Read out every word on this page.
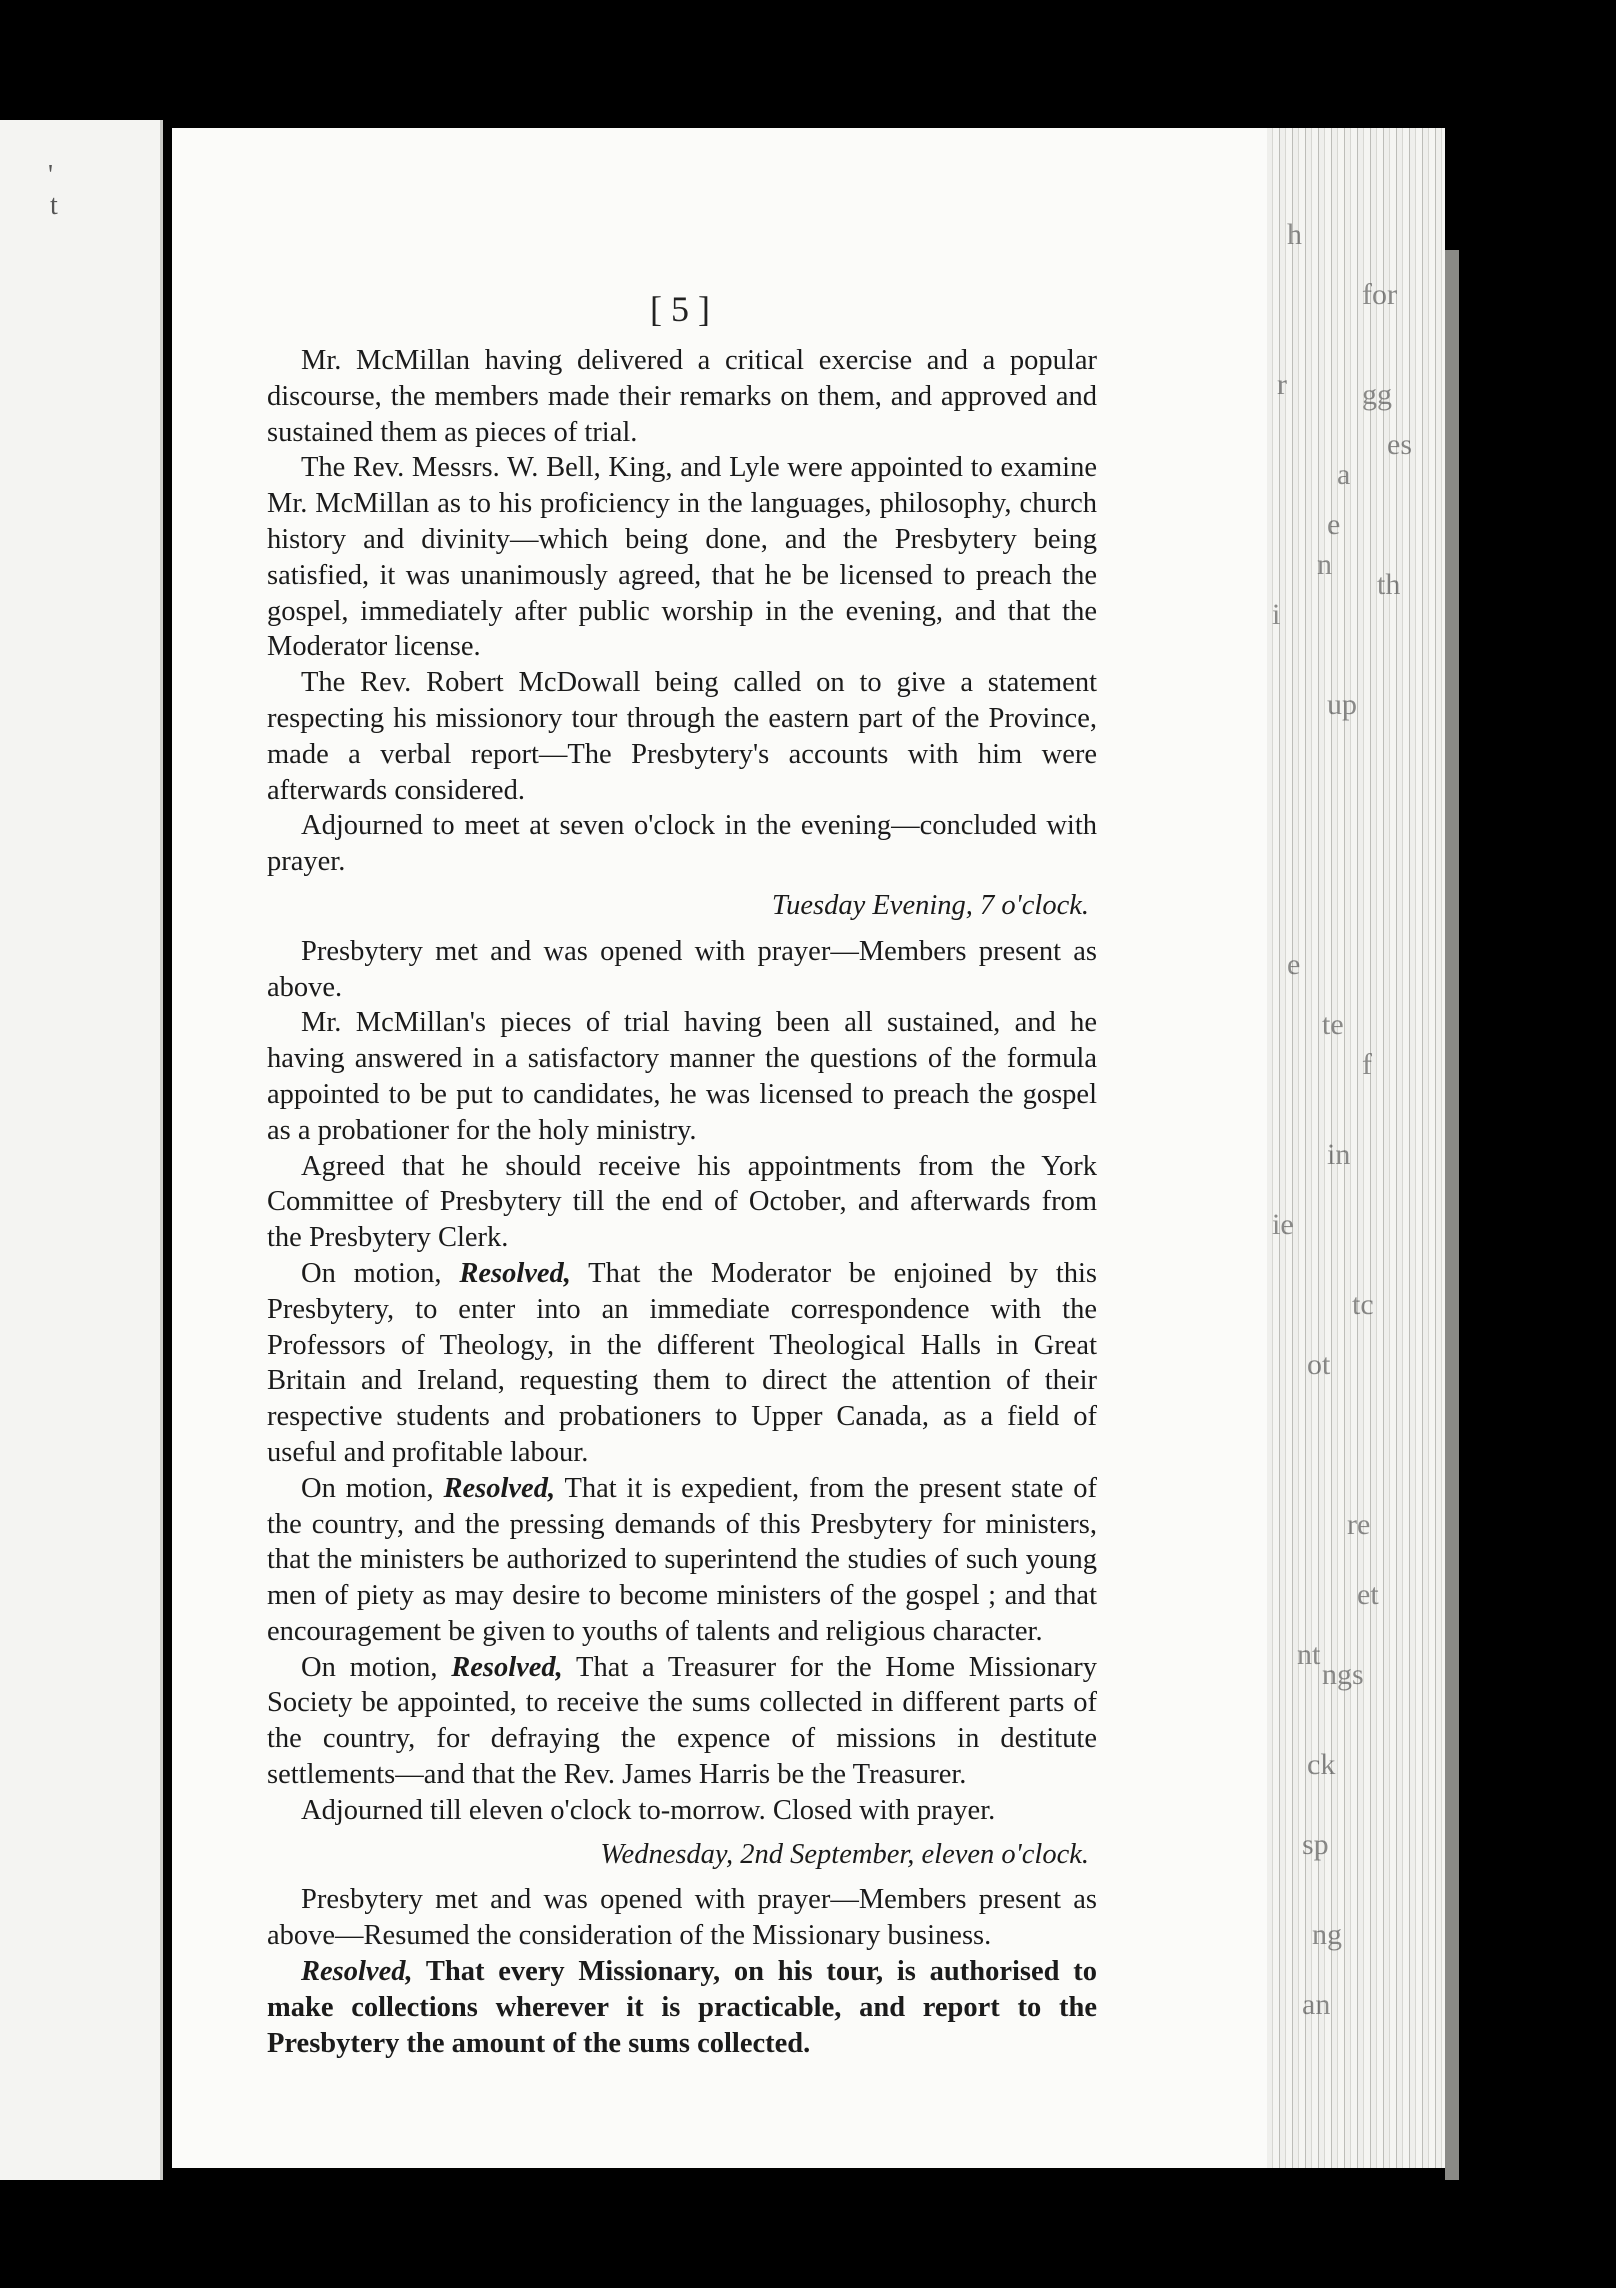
'
t
[ 5 ]

Mr. McMillan having delivered a critical exercise and a popular discourse, the members made their remarks on them, and approved and sustained them as pieces of trial.

The Rev. Messrs. W. Bell, King, and Lyle were appointed to examine Mr. McMillan as to his proficiency in the languages, philosophy, church history and divinity—which being done, and the Presbytery being satisfied, it was unanimously agreed, that he be licensed to preach the gospel, immediately after public worship in the evening, and that the Moderator license.

The Rev. Robert McDowall being called on to give a statement respecting his missionory tour through the eastern part of the Province, made a verbal report—The Presbytery's accounts with him were afterwards considered.

Adjourned to meet at seven o'clock in the evening—concluded with prayer.

Tuesday Evening, 7 o'clock.

Presbytery met and was opened with prayer—Members present as above.

Mr. McMillan's pieces of trial having been all sustained, and he having answered in a satisfactory manner the questions of the formula appointed to be put to candidates, he was licensed to preach the gospel as a probationer for the holy ministry.

Agreed that he should receive his appointments from the York Committee of Presbytery till the end of October, and afterwards from the Presbytery Clerk.

On motion, Resolved, That the Moderator be enjoined by this Presbytery, to enter into an immediate correspondence with the Professors of Theology, in the different Theological Halls in Great Britain and Ireland, requesting them to direct the attention of their respective students and probationers to Upper Canada, as a field of useful and profitable labour.

On motion, Resolved, That it is expedient, from the present state of the country, and the pressing demands of this Presbytery for ministers, that the ministers be authorized to superintend the studies of such young men of piety as may desire to become ministers of the gospel ; and that encouragement be given to youths of talents and religious character.

On motion, Resolved, That a Treasurer for the Home Missionary Society be appointed, to receive the sums collected in different parts of the country, for defraying the expence of missions in destitute settlements—and that the Rev. James Harris be the Treasurer.

Adjourned till eleven o'clock to-morrow. Closed with prayer.

Wednesday, 2nd September, eleven o'clock.

Presbytery met and was opened with prayer—Members present as above—Resumed the consideration of the Missionary business.

Resolved, That every Missionary, on his tour, is authorised to make collections wherever it is practicable, and report to the Presbytery the amount of the sums collected.

h
for
r	gg
es
a
e
n
th
i
up
e
te
f
in
ie
tc
ot
re
et
nt
ngs
ck
sp
ng
an
